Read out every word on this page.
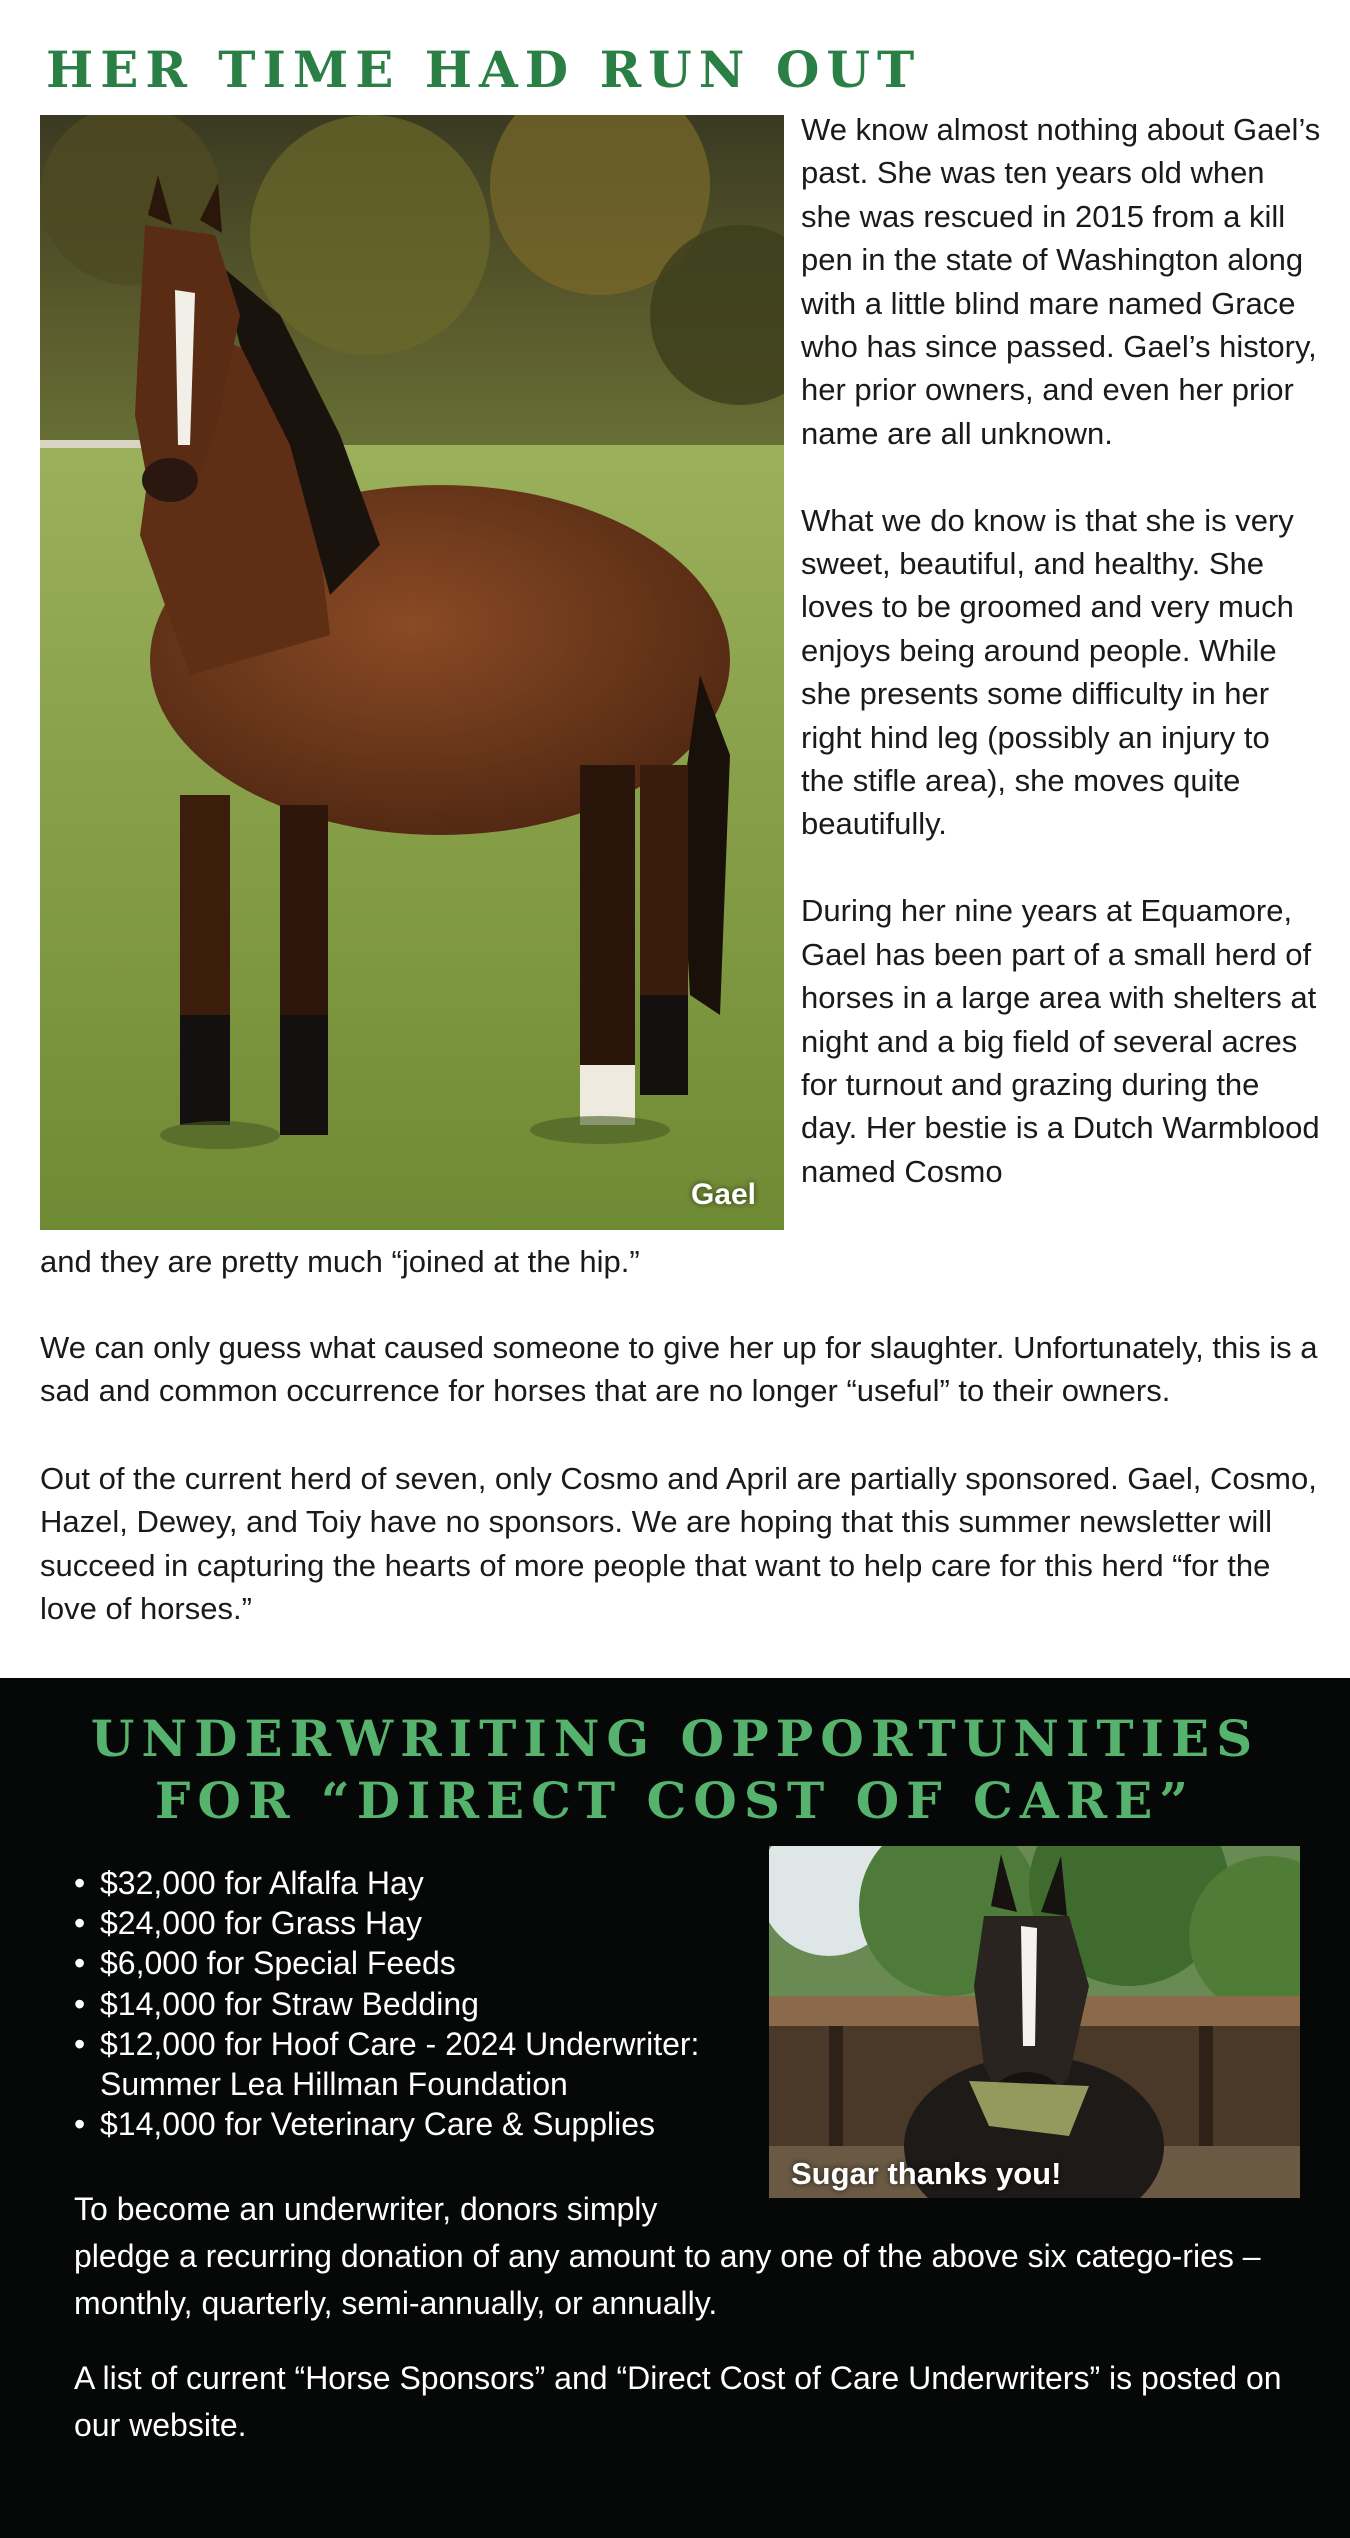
HER TIME HAD RUN OUT
Gael

We know almost nothing about Gael’s past. She was ten years old when she was rescued in 2015 from a kill pen in the state of Washington along with a little blind mare named Grace who has since passed. Gael’s history, her prior owners, and even her prior name are all unknown.

What we do know is that she is very sweet, beautiful, and healthy. She loves to be groomed and very much enjoys being around people. While she presents some difficulty in her right hind leg (possibly an injury to the stifle area), she moves quite beautifully.

During her nine years at Equamore, Gael has been part of a small herd of horses in a large area with shelters at night and a big field of several acres for turnout and grazing during the day. Her bestie is a Dutch Warmblood named Cosmo

and they are pretty much “joined at the hip.”

We can only guess what caused someone to give her up for slaughter. Unfortunately, this is a sad and common occurrence for horses that are no longer “useful” to their owners.

Out of the current herd of seven, only Cosmo and April are partially sponsored. Gael, Cosmo, Hazel, Dewey, and Toiy have no sponsors. We are hoping that this summer newsletter will succeed in capturing the hearts of more people that want to help care for this herd “for the love of horses.”

UNDERWRITING OPPORTUNITIES
FOR “DIRECT COST OF CARE”
• $32,000 for Alfalfa Hay
• $24,000 for Grass Hay
• $6,000 for Special Feeds
• $14,000 for Straw Bedding
• $12,000 for Hoof Care - 2024 Underwriter: Summer Lea Hillman Foundation
• $14,000 for Veterinary Care & Supplies
Sugar thanks you!

To become an underwriter, donors simply

pledge a recurring donation of any amount to any one of the above six catego-ries – monthly, quarterly, semi-annually, or annually.

A list of current “Horse Sponsors” and “Direct Cost of Care Underwriters” is posted on our website.
